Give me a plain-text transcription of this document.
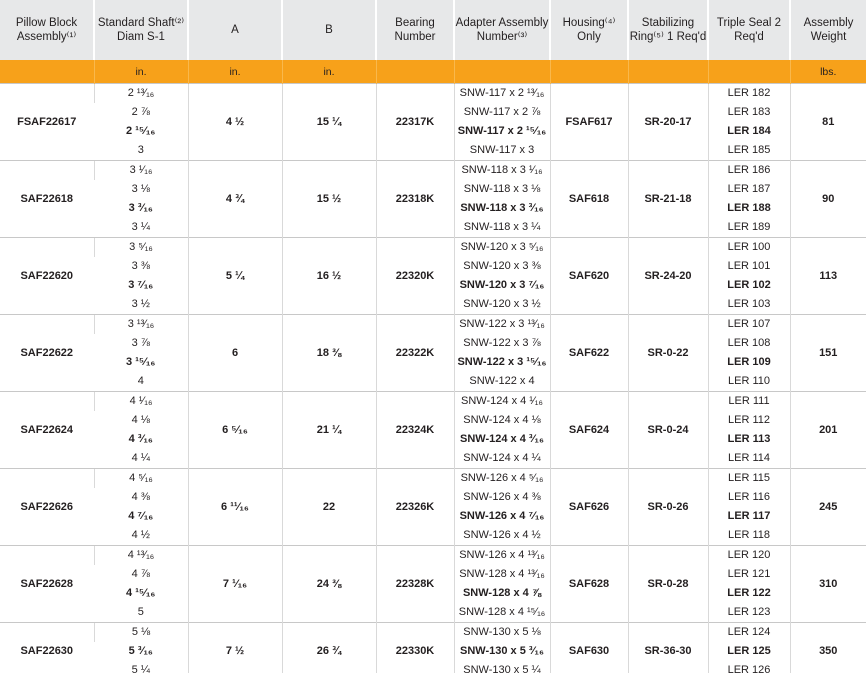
Pillow Block Assembly⁽¹⁾	Standard Shaft⁽²⁾ Diam S-1	A	B	Bearing Number	Adapter Assembly Number⁽³⁾	Housing⁽⁴⁾ Only	Stabilizing Ring⁽⁵⁾ 1 Req'd	Triple Seal 2 Req'd	Assembly Weight
	in.	in.	in.						lbs.
FSAF22617	2 ¹³⁄₁₆	4 ½	15 ¼	22317K	SNW-117 x 2 ¹³⁄₁₆	FSAF617	SR-20-17	LER 182	81
	2 ⅞				SNW-117 x 2 ⅞			LER 183	
	2 ¹⁵⁄₁₆				SNW-117 x 2 ¹⁵⁄₁₆			LER 184	
	3				SNW-117 x 3			LER 185	
SAF22618	3 ¹⁄₁₆	4 ¾	15 ½	22318K	SNW-118 x 3 ¹⁄₁₆	SAF618	SR-21-18	LER 186	90
	3 ⅛				SNW-118 x 3 ⅛			LER 187	
	3 ³⁄₁₆				SNW-118 x 3 ³⁄₁₆			LER 188	
	3 ¼				SNW-118 x 3 ¼			LER 189	
SAF22620	3 ⁵⁄₁₆	5 ¼	16 ½	22320K	SNW-120 x 3 ⁵⁄₁₆	SAF620	SR-24-20	LER 100	113
	3 ⅜				SNW-120 x 3 ⅜			LER 101	
	3 ⁷⁄₁₆				SNW-120 x 3 ⁷⁄₁₆			LER 102	
	3 ½				SNW-120 x 3 ½			LER 103	
SAF22622	3 ¹³⁄₁₆	6	18 ⅜	22322K	SNW-122 x 3 ¹³⁄₁₆	SAF622	SR-0-22	LER 107	151
	3 ⅞				SNW-122 x 3 ⅞			LER 108	
	3 ¹⁵⁄₁₆				SNW-122 x 3 ¹⁵⁄₁₆			LER 109	
	4				SNW-122 x 4			LER 110	
SAF22624	4 ¹⁄₁₆	6 ⁵⁄₁₆	21 ¼	22324K	SNW-124 x 4 ¹⁄₁₆	SAF624	SR-0-24	LER 111	201
	4 ⅛				SNW-124 x 4 ⅛			LER 112	
	4 ³⁄₁₆				SNW-124 x 4 ³⁄₁₆			LER 113	
	4 ¼				SNW-124 x 4 ¼			LER 114	
SAF22626	4 ⁵⁄₁₆	6 ¹¹⁄₁₆	22	22326K	SNW-126 x 4 ⁵⁄₁₆	SAF626	SR-0-26	LER 115	245
	4 ⅜				SNW-126 x 4 ⅜			LER 116	
	4 ⁷⁄₁₆				SNW-126 x 4 ⁷⁄₁₆			LER 117	
	4 ½				SNW-126 x 4 ½			LER 118	
SAF22628	4 ¹³⁄₁₆	7 ¹⁄₁₆	24 ⅜	22328K	SNW-126 x 4 ¹³⁄₁₆	SAF628	SR-0-28	LER 120	310
	4 ⅞				SNW-128 x 4 ¹³⁄₁₆			LER 121	
	4 ¹⁵⁄₁₆				SNW-128 x 4 ⅞			LER 122	
	5				SNW-128 x 4 ¹⁵⁄₁₆			LER 123	
SAF22630	5 ⅛	7 ½	26 ¾	22330K	SNW-130 x 5 ⅛	SAF630	SR-36-30	LER 124	350
	5 ³⁄₁₆				SNW-130 x 5 ³⁄₁₆			LER 125	
	5 ¼				SNW-130 x 5 ¼			LER 126	
